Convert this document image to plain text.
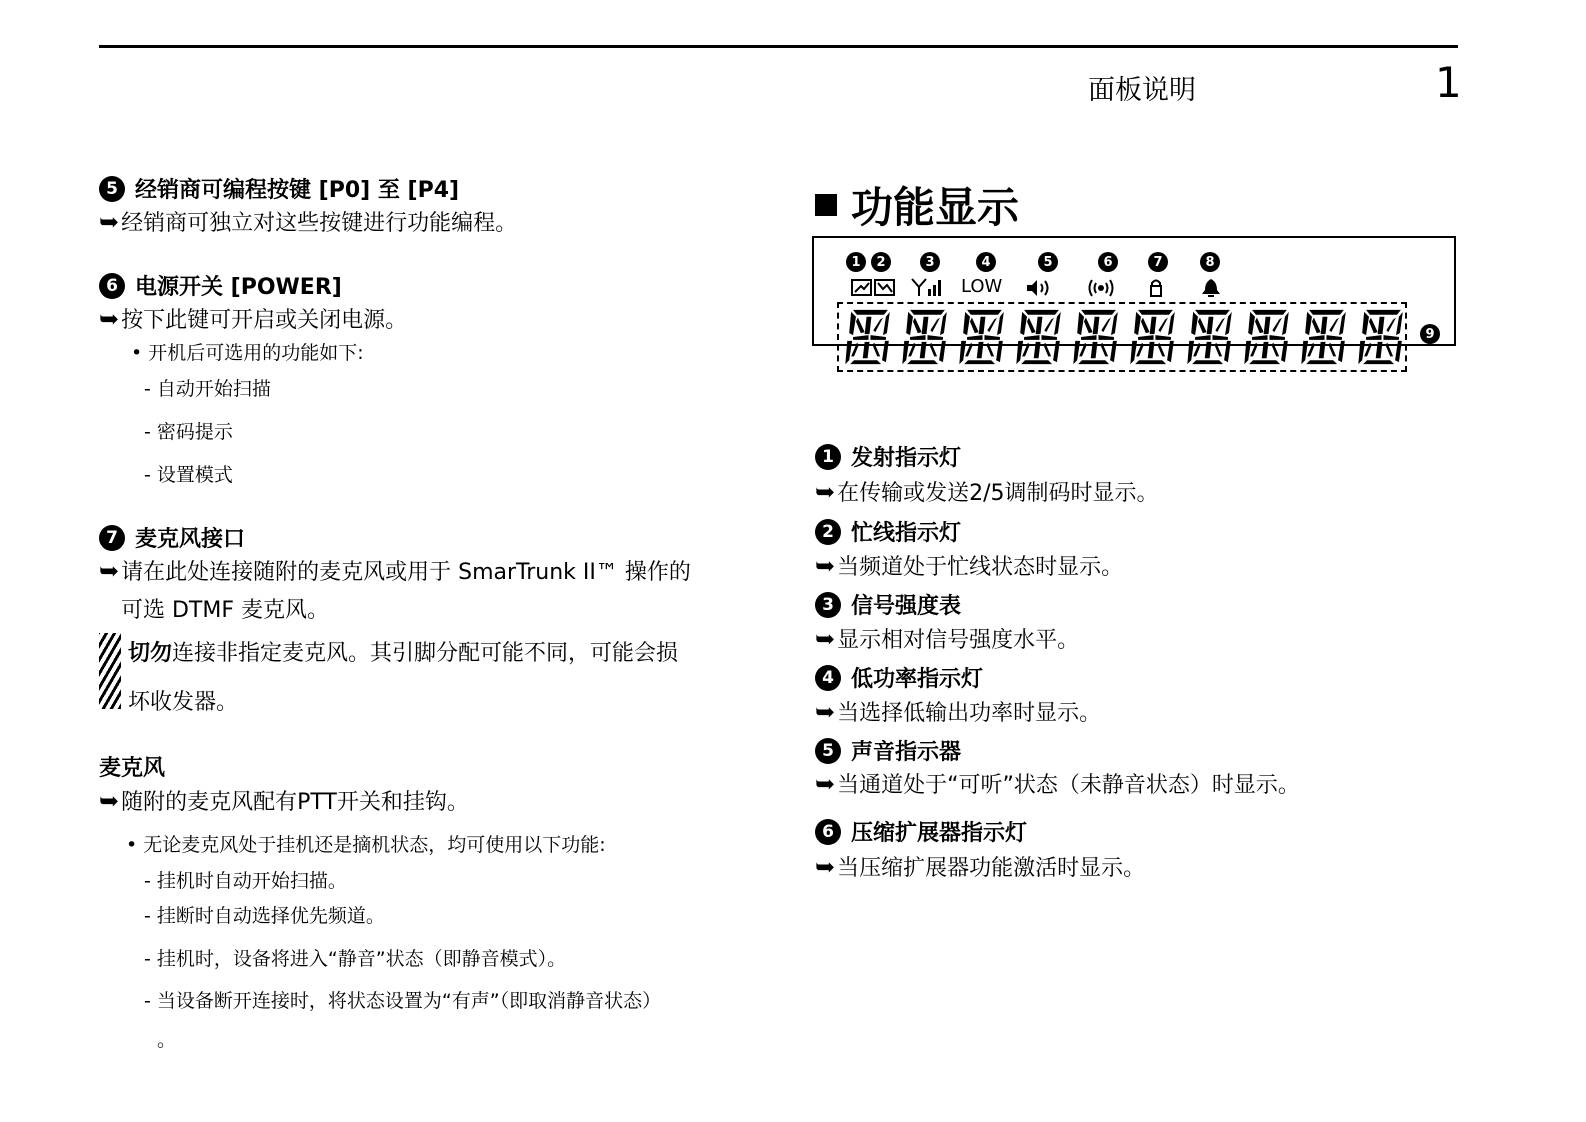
面板说明	1
5 经销商可编程按键 [P0] 至 [P4]
➥ 经销商可独立对这些按键进行功能编程。
6 电源开关 [POWER]
➥ 按下此键可开启或关闭电源。
• 开机后可选用的功能如下:
- 自动开始扫描
- 密码提示
- 设置模式
7 麦克风接口
➥ 请在此处连接随附的麦克风或用于 SmarTrunk II™ 操作的
可选 DTMF 麦克风。
切勿连接非指定麦克风。其引脚分配可能不同，可能会损
坏收发器。
麦克风
➥ 随附的麦克风配有PTT开关和挂钩。
• 无论麦克风处于挂机还是摘机状态，均可使用以下功能:
- 挂机时自动开始扫描。
- 挂断时自动选择优先频道。
- 挂机时，设备将进入“静音”状态（即静音模式）。
- 当设备断开连接时，将状态设置为“有声”（即取消静音状态）
。
功能显示
1	2	3	4	5	6	7	8
9
LOW
1 发射指示灯
➥ 在传输或发送2/5调制码时显示。
2 忙线指示灯
➥ 当频道处于忙线状态时显示。
3 信号强度表
➥ 显示相对信号强度水平。
4 低功率指示灯
➥ 当选择低输出功率时显示。
5 声音指示器
➥ 当通道处于“可听”状态（未静音状态）时显示。
6 压缩扩展器指示灯
➥ 当压缩扩展器功能激活时显示。
